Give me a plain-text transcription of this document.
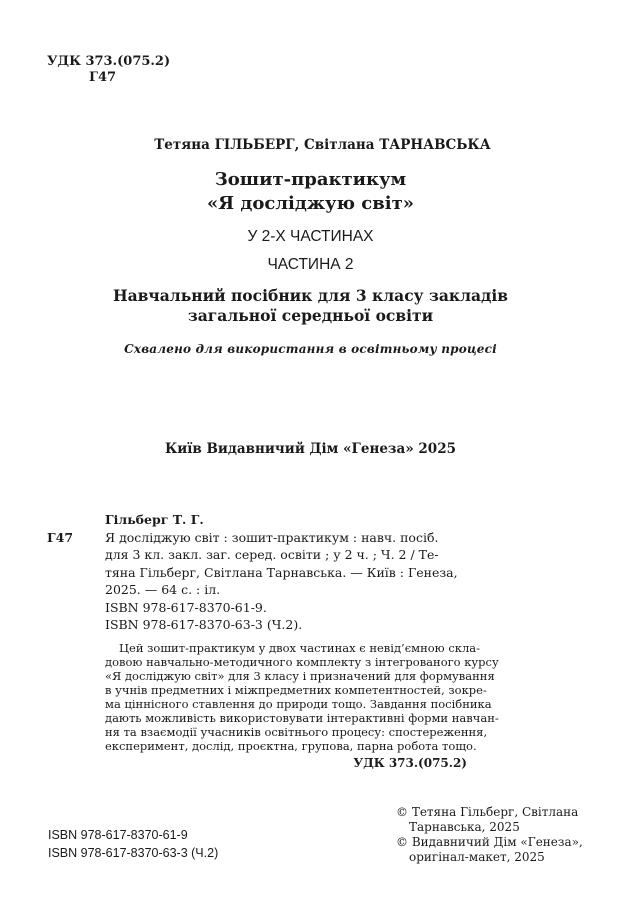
УДК 373.(075.2)
Г47
Тетяна ГІЛЬБЕРГ, Світлана ТАРНАВСЬКА
Зошит-практикум
«Я досліджую світ»
У 2-Х ЧАСТИНАХ
ЧАСТИНА 2
Навчальний посібник для 3 класу закладів
загальної середньої освіти
Схвалено для використання в освітньому процесі
Київ Видавничий Дім «Генеза» 2025
Гільберг Т. Г.
Г47	Я досліджую світ : зошит-практикум : навч. посіб.
для 3 кл. закл. заг. серед. освіти ; у 2 ч. ; Ч. 2 / Те-
тяна Гільберг, Світлана Тарнавська. — Київ : Генеза,
2025. — 64 с. : іл.
ISBN 978-617-8370-61-9.
ISBN 978-617-8370-63-3 (Ч.2).
Цей зошит-практикум у двох частинах є невід’ємною скла-
довою навчально-методичного комплекту з інтегрованого курсу
«Я досліджую світ» для 3 класу і призначений для формування
в учнів предметних і міжпредметних компетентностей, зокре-
ма ціннісного ставлення до природи тощо. Завдання посібника
дають можливість використовувати інтерактивні форми навчан-
ня та взаємодії учасників освітнього процесу: спостереження,
експеримент, дослід, проєктна, групова, парна робота тощо.
УДК 373.(075.2)
ISBN 978-617-8370-61-9
ISBN 978-617-8370-63-3 (Ч.2)
© Тетяна Гільберг, Світлана
Тарнавська, 2025
© Видавничий Дім «Генеза»,
оригінал-макет, 2025
